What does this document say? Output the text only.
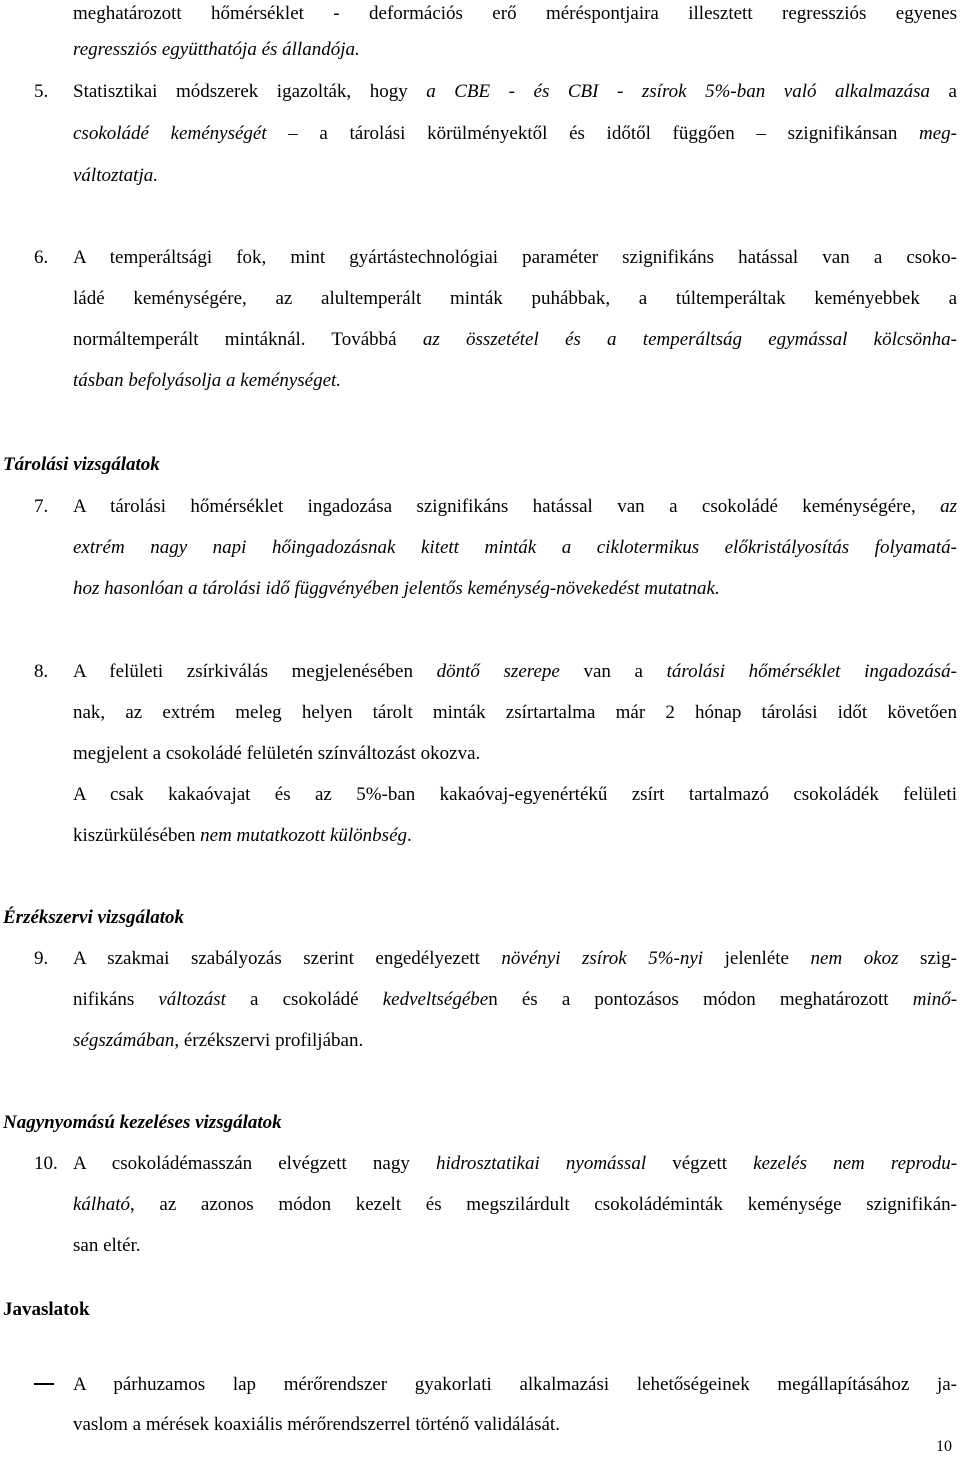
meghatározott hőmérséklet - deformációs erő méréspontjaira illesztett regressziós egyenes
regressziós együtthatója és állandója.
5. Statisztikai módszerek igazolták, hogy a CBE - és CBI - zsírok 5%-ban való alkalmazása a
csokoládé keménységét – a tárolási körülményektől és időtől függően – szignifikánsan meg-
változtatja.
6. A temperáltsági fok, mint gyártástechnológiai paraméter szignifikáns hatással van a csoko-
ládé keménységére, az alultemperált minták puhábbak, a túltemperáltak keményebbek a
normáltemperált mintáknál. Továbbá az összetétel és a temperáltság egymással kölcsönha-
tásban befolyásolja a keménységet.
Tárolási vizsgálatok
7. A tárolási hőmérséklet ingadozása szignifikáns hatással van a csokoládé keménységére, az
extrém nagy napi hőingadozásnak kitett minták a ciklotermikus előkristályosítás folyamatá-
hoz hasonlóan a tárolási idő függvényében jelentős keménység-növekedést mutatnak.
8. A felületi zsírkiválás megjelenésében döntő szerepe van a tárolási hőmérséklet ingadozásá-
nak, az extrém meleg helyen tárolt minták zsírtartalma már 2 hónap tárolási időt követően
megjelent a csokoládé felületén színváltozást okozva.
A csak kakaóvajat és az 5%-ban kakaóvaj-egyenértékű zsírt tartalmazó csokoládék felületi
kiszürkülésében nem mutatkozott különbség.
Érzékszervi vizsgálatok
9. A szakmai szabályozás szerint engedélyezett növényi zsírok 5%-nyi jelenléte nem okoz szig-
nifikáns változást a csokoládé kedveltségében és a pontozásos módon meghatározott minő-
ségszámában, érzékszervi profiljában.
Nagynyomású kezeléses vizsgálatok
10. A csokoládémasszán elvégzett nagy hidrosztatikai nyomással végzett kezelés nem reprodu-
kálható, az azonos módon kezelt és megszilárdult csokoládéminták keménysége szignifikán-
san eltér.
Javaslatok
A párhuzamos lap mérőrendszer gyakorlati alkalmazási lehetőségeinek megállapításához ja-
vaslom a mérések koaxiális mérőrendszerrel történő validálását.
10
